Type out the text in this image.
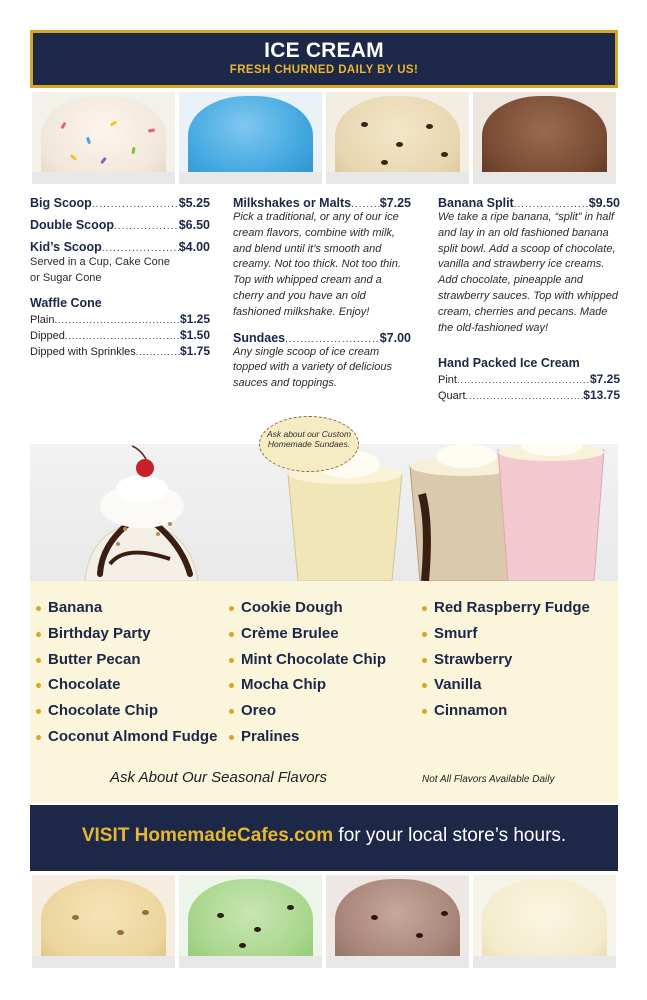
ICE CREAM
FRESH CHURNED DAILY BY US!
Big Scoop .....	$5.25
Double Scoop .....	$6.50
Kid’s Scoop .....	$4.00
Served in a Cup, Cake Cone or Sugar Cone
Waffle Cone
Plain .....	$1.25
Dipped .....	$1.50
Dipped with Sprinkles .....	$1.75
Milkshakes or Malts ..... $7.25
Pick a traditional, or any of our ice cream flavors, combine with milk, and blend until it’s smooth and creamy. Not too thick. Not too thin. Top with whipped cream and a cherry and you have an old fashioned milkshake. Enjoy!
Sundaes .....	$7.00
Any single scoop of ice cream topped with a variety of delicious sauces and toppings.
Banana Split .....	$9.50
We take a ripe banana, “split” in half and lay in an old fashioned banana split bowl. Add a scoop of chocolate, vanilla and strawberry ice creams. Add chocolate, pineapple and strawberry sauces. Top with whipped cream, cherries and pecans. Made the old-fashioned way!
Hand Packed Ice Cream
Pint .....	$7.25
Quart .....	$13.75
Ask about our Custom Homemade Sundaes.
Banana
Birthday Party
Butter Pecan
Chocolate
Chocolate Chip
Coconut Almond Fudge
Cookie Dough
Crème Brulee
Mint Chocolate Chip
Mocha Chip
Oreo
Pralines
Red Raspberry Fudge
Smurf
Strawberry
Vanilla
Cinnamon
Ask About Our Seasonal Flavors	Not All Flavors Available Daily
VISIT HomemadeCafes.com for your local store’s hours.
